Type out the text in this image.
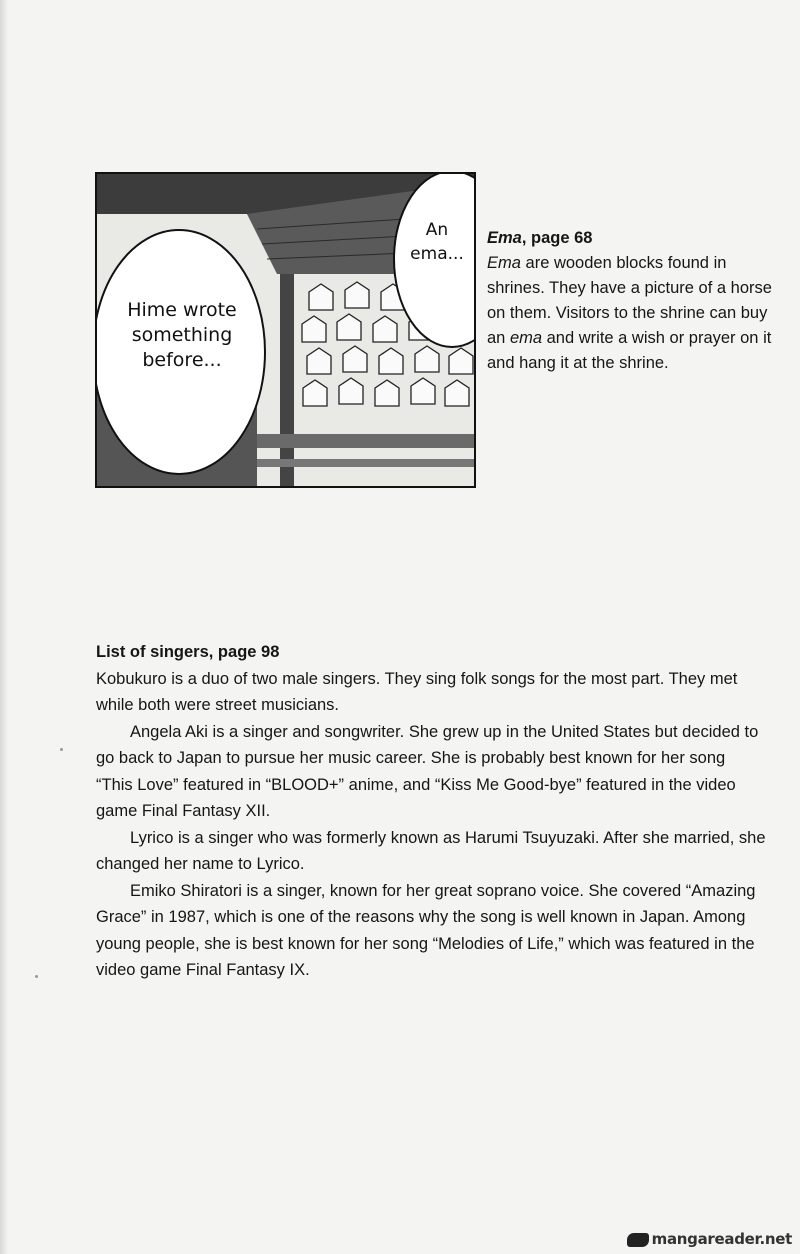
Hime wrote something before...
An ema...
Ema, page 68

Ema are wooden blocks found in shrines. They have a picture of a horse on them. Visitors to the shrine can buy an ema and write a wish or prayer on it and hang it at the shrine.

List of singers, page 98

Kobukuro is a duo of two male singers. They sing folk songs for the most part. They met while both were street musicians.

Angela Aki is a singer and songwriter. She grew up in the United States but decided to go back to Japan to pursue her music career. She is probably best known for her song “This Love” featured in “BLOOD+” anime, and “Kiss Me Good-bye” featured in the video game Final Fantasy XII.

Lyrico is a singer who was formerly known as Harumi Tsuyuzaki. After she married, she changed her name to Lyrico.

Emiko Shiratori is a singer, known for her great soprano voice. She covered “Amazing Grace” in 1987, which is one of the reasons why the song is well known in Japan. Among young people, she is best known for her song “Melodies of Life,” which was featured in the video game Final Fantasy IX.

mangareader.net
